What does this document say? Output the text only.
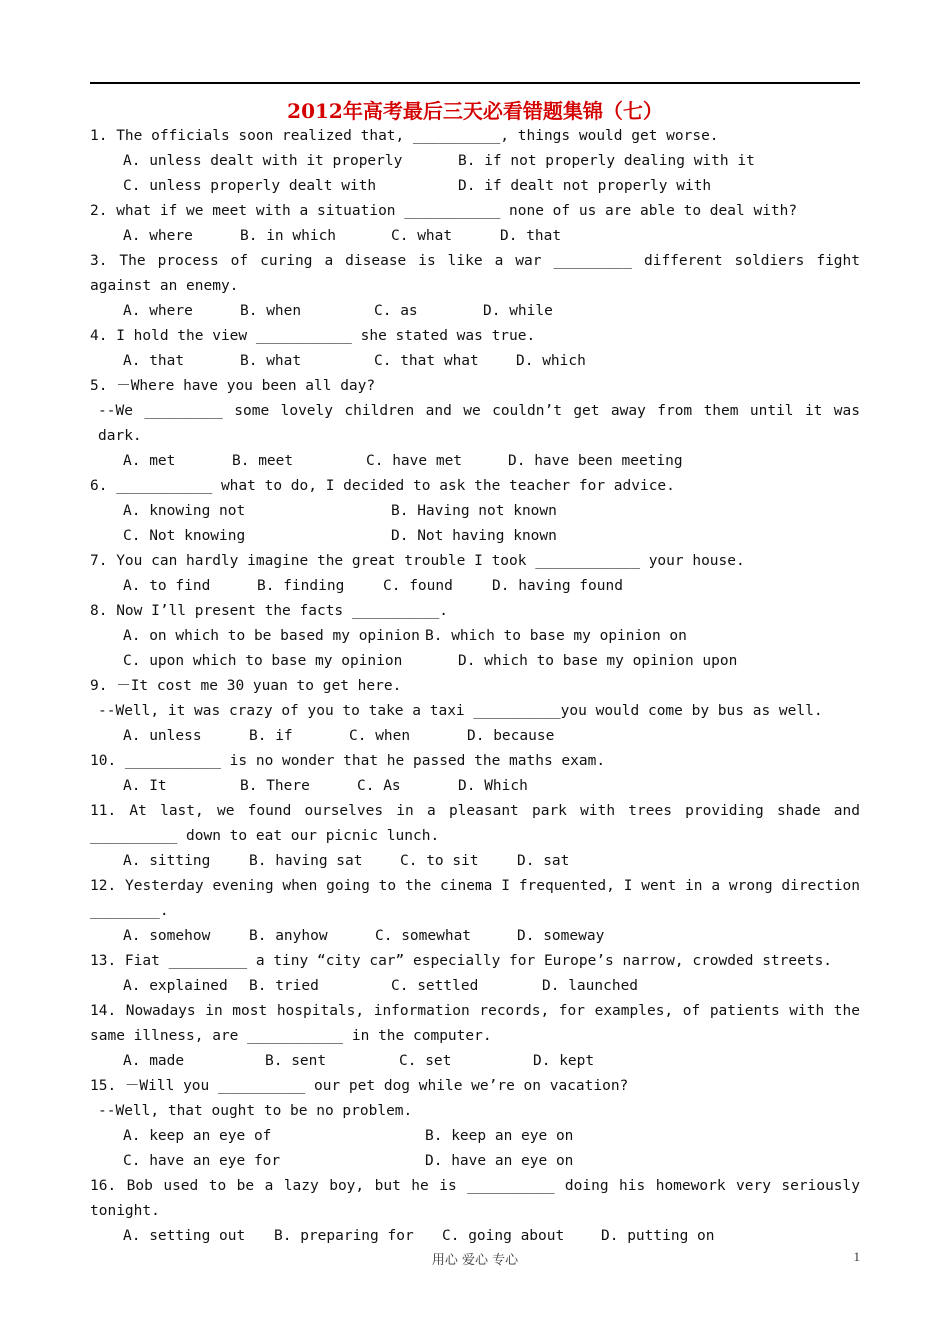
2012年高考最后三天必看错题集锦（七）
1. The officials soon realized that, __________, things would get worse.
A. unless dealt with it properly	B. if not properly dealing with it
C. unless properly dealt with	D. if dealt not properly with
2. what if we meet with a situation ___________ none of us are able to deal with?
A. where	B. in which	C. what	D. that
3. The process of curing a disease is like a war _________ different soldiers fight against an enemy.
A. where	B. when	C. as	D. while
4. I hold the view ___________ she stated was true.
A. that	B. what	C. that what	D. which
5. －Where have you been all day?
--We _________ some lovely children and we couldn’t get away from them until it was dark.
A. met	B. meet	C. have met	D. have been meeting
6. ___________ what to do, I decided to ask the teacher for advice.
A. knowing not	B. Having not known
C. Not knowing	D. Not having known
7. You can hardly imagine the great trouble I took ____________ your house.
A. to find	B. finding	C. found	D. having found
8. Now I’ll present the facts __________.
A. on which to be based my opinion B. which to base my opinion on
C. upon which to base my opinion	D. which to base my opinion upon
9. －It cost me 30 yuan to get here.
--Well, it was crazy of you to take a taxi __________you would come by bus as well.
A. unless	B. if	C. when	D. because
10. ___________ is no wonder that he passed the maths exam.
A. It	B. There	C. As	D. Which
11. At last, we found ourselves in a pleasant park with trees providing shade and __________ down to eat our picnic lunch.
A. sitting	B. having sat	C. to sit	D. sat
12. Yesterday evening when going to the cinema I frequented, I went in a wrong direction ________.
A. somehow	B. anyhow	C. somewhat	D. someway
13. Fiat _________ a tiny “city car” especially for Europe’s narrow, crowded streets.
A. explained	B. tried	C. settled	D. launched
14. Nowadays in most hospitals, information records, for examples, of patients with the same illness, are ___________ in the computer.
A. made	B. sent	C. set	D. kept
15. －Will you __________ our pet dog while we’re on vacation?
--Well, that ought to be no problem.
A. keep an eye of	B. keep an eye on
C. have an eye for	D. have an eye on
16. Bob used to be a lazy boy, but he is __________ doing his homework very seriously tonight.
A. setting out	B. preparing for	C. going about	D. putting on
用心 爱心 专心	1
